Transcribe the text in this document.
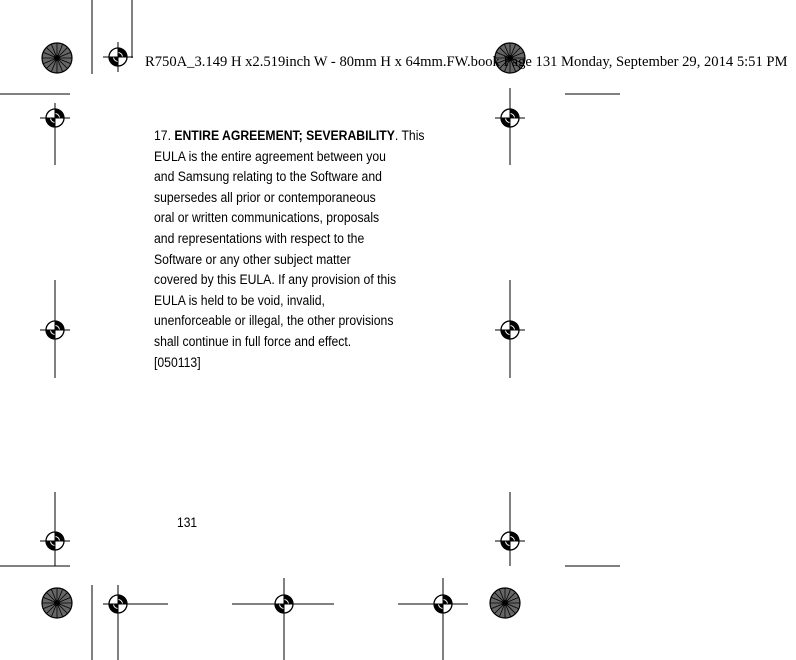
R750A_3.149 H x2.519inch W - 80mm H x 64mm.FW.book Page 131 Monday, September 29, 2014 5:51 PM
17. ENTIRE AGREEMENT; SEVERABILITY. This
EULA is the entire agreement between you
and Samsung relating to the Software and
supersedes all prior or contemporaneous
oral or written communications, proposals
and representations with respect to the
Software or any other subject matter
covered by this EULA. If any provision of this
EULA is held to be void, invalid,
unenforceable or illegal, the other provisions
shall continue in full force and effect.
[050113]
131
